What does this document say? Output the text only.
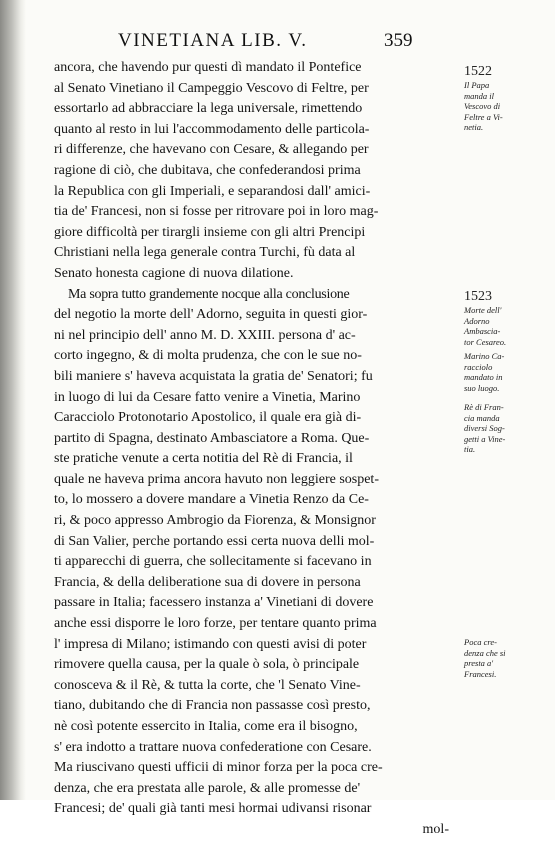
VINETIANA LIB. V.	359
ancora, che havendo pur questi dì mandato il Pontefice
al Senato Vinetiano il Campeggio Vescovo di Feltre, per
essortarlo ad abbracciare la lega universale, rimettendo
quanto al resto in lui l'accommodamento delle particola-
ri differenze, che havevano con Cesare, & allegando per
ragione di ciò, che dubitava, che confederandosi prima
la Republica con gli Imperiali, e separandosi dall' amici-
tia de' Francesi, non si fosse per ritrovare poi in loro mag-
giore difficoltà per tirargli insieme con gli altri Prencipi
Christiani nella lega generale contra Turchi, fù data al
Senato honesta cagione di nuova dilatione.
Ma sopra tutto grandemente nocque alla conclusione
del negotio la morte dell' Adorno, seguita in questi gior-
ni nel principio dell' anno M. D. XXIII. persona d' ac-
corto ingegno, & di molta prudenza, che con le sue no-
bili maniere s' haveva acquistata la gratia de' Senatori; fu
in luogo di lui da Cesare fatto venire a Vinetia, Marino
Caracciolo Protonotario Apostolico, il quale era già di-
partito di Spagna, destinato Ambasciatore a Roma. Que-
ste pratiche venute a certa notitia del Rè di Francia, il
quale ne haveva prima ancora havuto non leggiere sospet-
to, lo mossero a dovere mandare a Vinetia Renzo da Ce-
ri, & poco appresso Ambrogio da Fiorenza, & Monsignor
di San Valier, perche portando essi certa nuova delli mol-
ti apparecchi di guerra, che sollecitamente si facevano in
Francia, & della deliberatione sua di dovere in persona
passare in Italia; facessero instanza a' Vinetiani di dovere
anche essi disporre le loro forze, per tentare quanto prima
l' impresa di Milano; istimando con questi avisi di poter
rimovere quella causa, per la quale ò sola, ò principale
conosceva & il Rè, & tutta la corte, che 'l Senato Vine-
tiano, dubitando che di Francia non passasse così presto,
nè così potente essercito in Italia, come era il bisogno,
s' era indotto a trattare nuova confederatione con Cesare.
Ma riuscivano questi ufficii di minor forza per la poca cre-
denza, che era prestata alle parole, & alle promesse de'
Francesi; de' quali già tanti mesi hormai udivansi risonar
mol-
1522
Il Papa
manda il
Vescovo di
Feltre a Vi-
netia.
1523
Morte dell'
Adorno
Ambascia-
tor Cesareo.
Marino Ca-
racciolo
mandato in
suo luogo.
Rè di Fran-
cia manda
diversi Sog-
getti a Vine-
tia.
Poca cre-
denza che si
presta a'
Francesi.
